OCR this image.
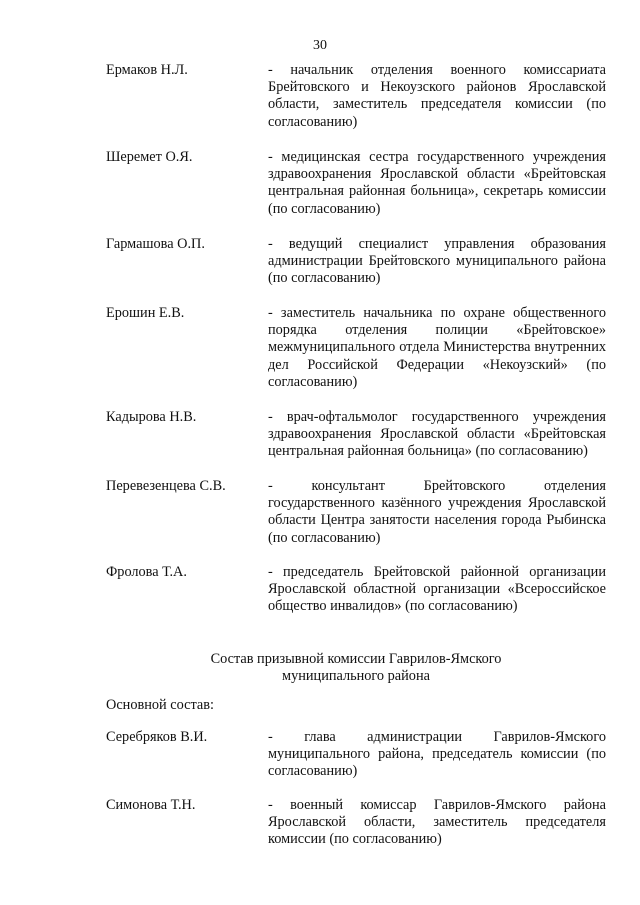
30
Ермаков Н.Л.	- начальник отделения военного комиссариата Брейтовского и Некоузского районов Ярославской области, заместитель председателя комиссии (по согласованию)
Шеремет О.Я.	- медицинская сестра государственного учреждения здравоохранения Ярославской области «Брейтовская центральная районная больница», секретарь комиссии (по согласованию)
Гармашова О.П.	- ведущий специалист управления образования администрации Брейтовского муниципального района (по согласованию)
Ерошин Е.В.	- заместитель начальника по охране общественного порядка отделения полиции «Брейтовское» межмуниципального отдела Министерства внутренних дел Российской Федерации «Некоузский» (по согласованию)
Кадырова Н.В.	- врач-офтальмолог государственного учреждения здравоохранения Ярославской области «Брейтовская центральная районная больница» (по согласованию)
Перевезенцева С.В.	- консультант Брейтовского отделения государственного казённого учреждения Ярославской области Центра занятости населения города Рыбинска (по согласованию)
Фролова Т.А.	- председатель Брейтовской районной организации Ярославской областной организации «Всероссийское общество инвалидов» (по согласованию)
Состав призывной комиссии Гаврилов-Ямского
муниципального района
Основной состав:
Серебряков В.И.	- глава администрации Гаврилов-Ямского муниципального района, председатель комиссии (по согласованию)
Симонова Т.Н.	- военный комиссар Гаврилов-Ямского района Ярославской области, заместитель председателя комиссии (по согласованию)
